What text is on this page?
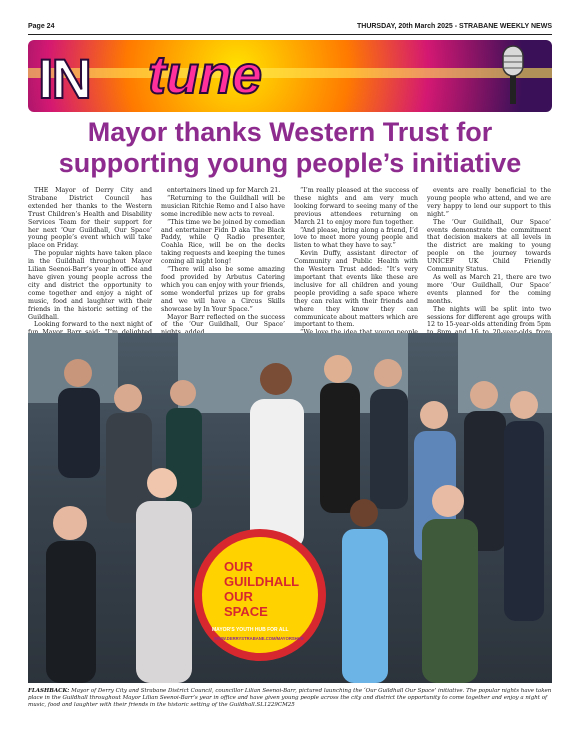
Page 24	THURSDAY, 20th March 2025 - STRABANE WEEKLY NEWS
IN tune
Mayor thanks Western Trust for
supporting young people’s initiative

THE Mayor of Derry City and Strabane District Council has extended her thanks to the Western Trust Children’s Health and Disability Services Team for their support for her next ‘Our Guildhall, Our Space’ young people’s event which will take place on Friday.

The popular nights have taken place in the Guildhall throughout Mayor Lilian Seenoi-Barr’s year in office and have given young people across the city and district the opportunity to come together and enjoy a night of music, food and laughter with their friends in the historic setting of the Guildhall.

Looking forward to the next night of

entertainers lined up for March 21.

“Returning to the Guildhall will be musician Ritchie Remo and I also have some incredible new acts to reveal.

“This time we be joined by comedian and entertainer Fidn D aka The Black Paddy, while Q Radio presenter, Coahla Rice, will be on the decks taking requests and keeping the tunes coming all night long!

“There will also be some amazing food provided by Arbutus Catering which you can enjoy with your friends, some wonderful prizes up for grabs and we will have a Circus Skills showcase by In Your Space.”

Mayor Barr reflected on the success of the ‘Our Guildhall, Our Space’

“I’m really pleased at the success of these nights and am very much looking forward to seeing many of the previous attendees returning on March 21 to enjoy more fun together.

“And please, bring along a friend, I’d love to meet more young people and listen to what they have to say.”

Kevin Duffy, assistant director of Community and Public Health with the Western Trust added: “It’s very important that events like these are inclusive for all children and young people providing a safe space where they can relax with their friends and where they know they can communicate about matters which are important to them.

events are really beneficial to the young people who attend, and we are very happy to lend our support to this night.”

The ‘Our Guildhall, Our Space’ events demonstrate the commitment that decision makers at all levels in the district are making to young people on the journey towards UNICEF UK Child Friendly Community Status.

As well as March 21, there are two more ‘Our Guildhall, Our Space’ events planned for the coming months.

The nights will be split into two sessions for different age groups with 12 to 15-year-olds attending from 5pm

OUR
GUILDHALL
OUR
SPACE
MAYOR'S YOUTH HUB FOR ALL
WWW.DERRYSTRABANE.COM/MAYORSHUB
FLASHBACK: Mayor of Derry City and Strabane District Council, councillor Lilian Seenoi-Barr, pictured launching the ‘Our Guildhall Our Space’ initiative. The popular nights have taken place in the Guildhall throughout Mayor Lilian Seenoi-Barr’s year in office and have given young people across the city and district the opportunity to come together and enjoy a night of music, food and laughter with their friends in the historic setting of the Guildhall.SL1229CM25
